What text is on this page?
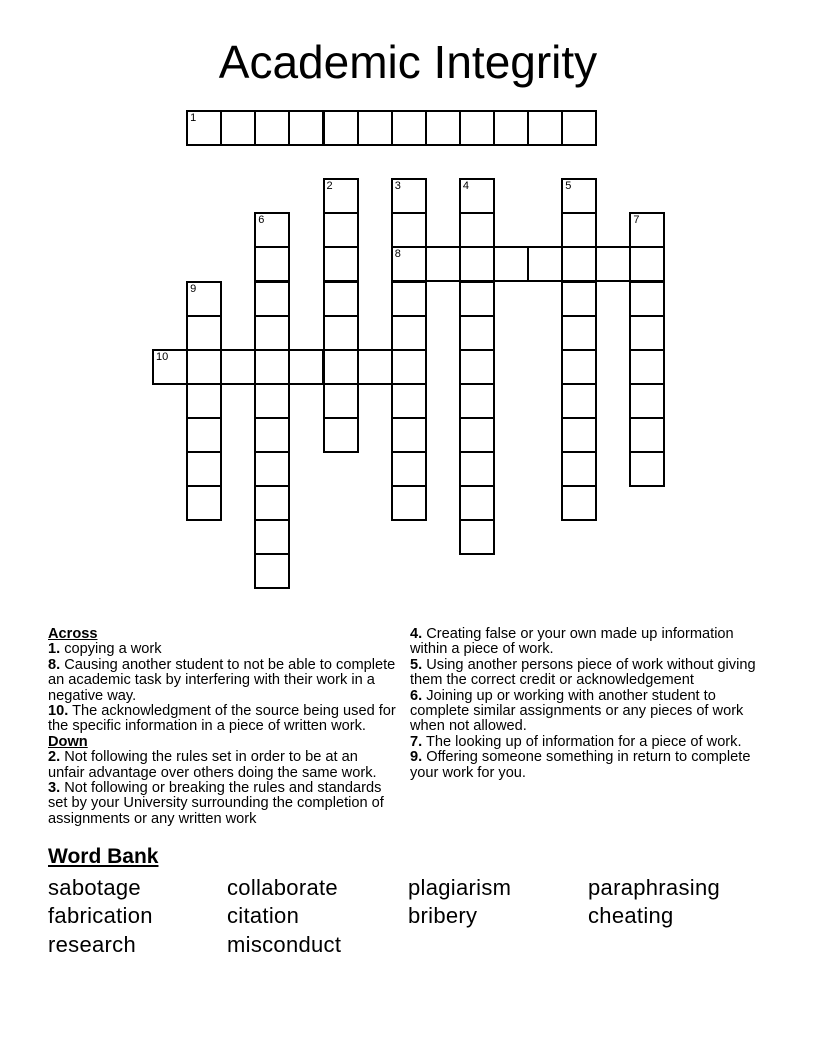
Academic Integrity
1
2	3
8
4	5
6	7
9
10

Across

1. copying a work

8. Causing another student to not be able to complete an academic task by interfering with their work in a negative way.

10. The acknowledgment of the source being used for the specific information in a piece of written work.

Down

2. Not following the rules set in order to be at an unfair advantage over others doing the same work.

3. Not following or breaking the rules and standards set by your University surrounding the completion of assignments or any written work

4. Creating false or your own made up information within a piece of work.

5. Using another persons piece of work without giving them the correct credit or acknowledgement

6. Joining up or working with another student to complete similar assignments or any pieces of work when not allowed.

7. The looking up of information for a piece of work.

9. Offering someone something in return to complete your work for you.

Word Bank
sabotage	collaborate	plagiarism	paraphrasing
fabrication	citation	bribery	cheating
research	misconduct
